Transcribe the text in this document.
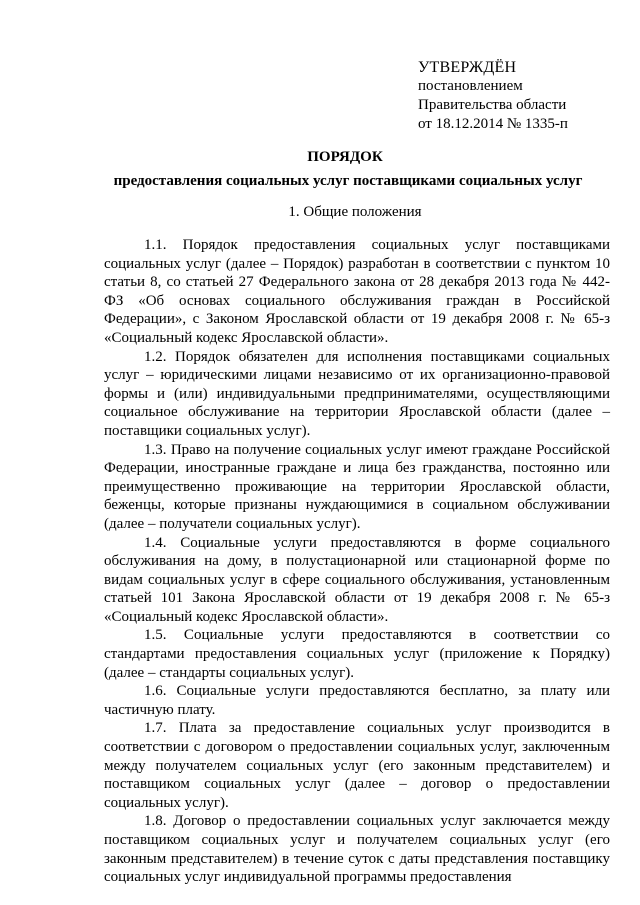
УТВЕРЖДЁН
постановлением
Правительства области
от 18.12.2014 № 1335-п
ПОРЯДОК
предоставления социальных услуг поставщиками социальных услуг
1. Общие положения

1.1. Порядок предоставления социальных услуг поставщиками социальных услуг (далее – Порядок) разработан в соответствии с пунктом 10 статьи 8, со статьей 27 Федерального закона от 28 декабря 2013 года № 442-ФЗ «Об основах социального обслуживания граждан в Российской Федерации», с Законом Ярославской области от 19 декабря 2008 г. № 65-з «Социальный кодекс Ярославской области».

1.2. Порядок обязателен для исполнения поставщиками социальных услуг – юридическими лицами независимо от их организационно-правовой формы и (или) индивидуальными предпринимателями, осуществляющими социальное обслуживание на территории Ярославской области (далее – поставщики социальных услуг).

1.3. Право на получение социальных услуг имеют граждане Российской Федерации, иностранные граждане и лица без гражданства, постоянно или преимущественно проживающие на территории Ярославской области, беженцы, которые признаны нуждающимися в социальном обслуживании (далее – получатели социальных услуг).

1.4. Социальные услуги предоставляются в форме социального обслуживания на дому, в полустационарной или стационарной форме по видам социальных услуг в сфере социального обслуживания, установленным статьей 101 Закона Ярославской области от 19 декабря 2008 г. № 65-з «Социальный кодекс Ярославской области».

1.5. Социальные услуги предоставляются в соответствии со стандартами предоставления социальных услуг (приложение к Порядку) (далее – стандарты социальных услуг).

1.6. Социальные услуги предоставляются бесплатно, за плату или частичную плату.

1.7. Плата за предоставление социальных услуг производится в соответствии с договором о предоставлении социальных услуг, заключенным между получателем социальных услуг (его законным представителем) и поставщиком социальных услуг (далее – договор о предоставлении социальных услуг).

1.8. Договор о предоставлении социальных услуг заключается между поставщиком социальных услуг и получателем социальных услуг (его законным представителем) в течение суток с даты представления поставщику социальных услуг индивидуальной программы предоставления
